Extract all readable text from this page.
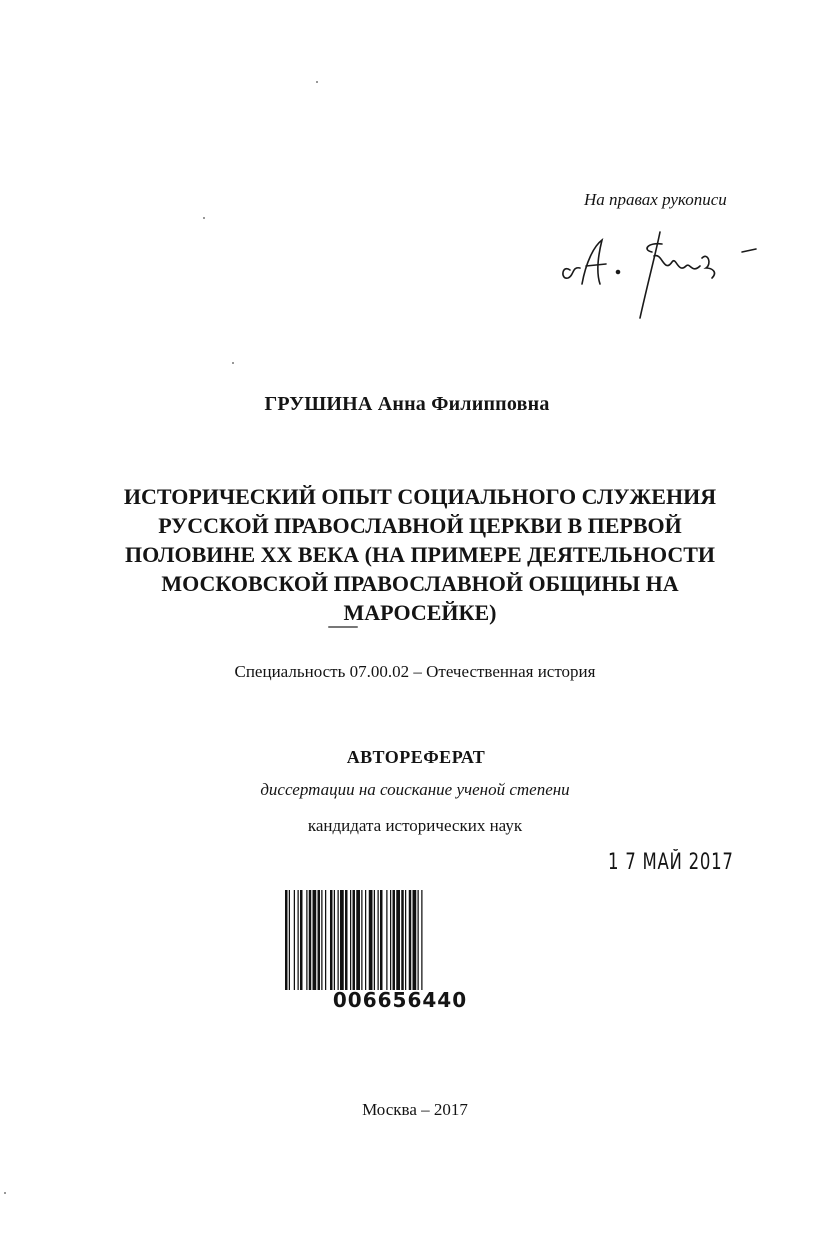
На правах рукописи
ГРУШИНА Анна Филипповна
ИСТОРИЧЕСКИЙ ОПЫТ СОЦИАЛЬНОГО СЛУЖЕНИЯ
РУССКОЙ ПРАВОСЛАВНОЙ ЦЕРКВИ В ПЕРВОЙ
ПОЛОВИНЕ XX ВЕКА (НА ПРИМЕРЕ ДЕЯТЕЛЬНОСТИ
МОСКОВСКОЙ ПРАВОСЛАВНОЙ ОБЩИНЫ НА
МАРОСЕЙКЕ)
Специальность 07.00.02 – Отечественная история
АВТОРЕФЕРАТ
диссертации на соискание ученой степени
кандидата исторических наук
1 7 МАЙ 2017
006656440
Москва – 2017
